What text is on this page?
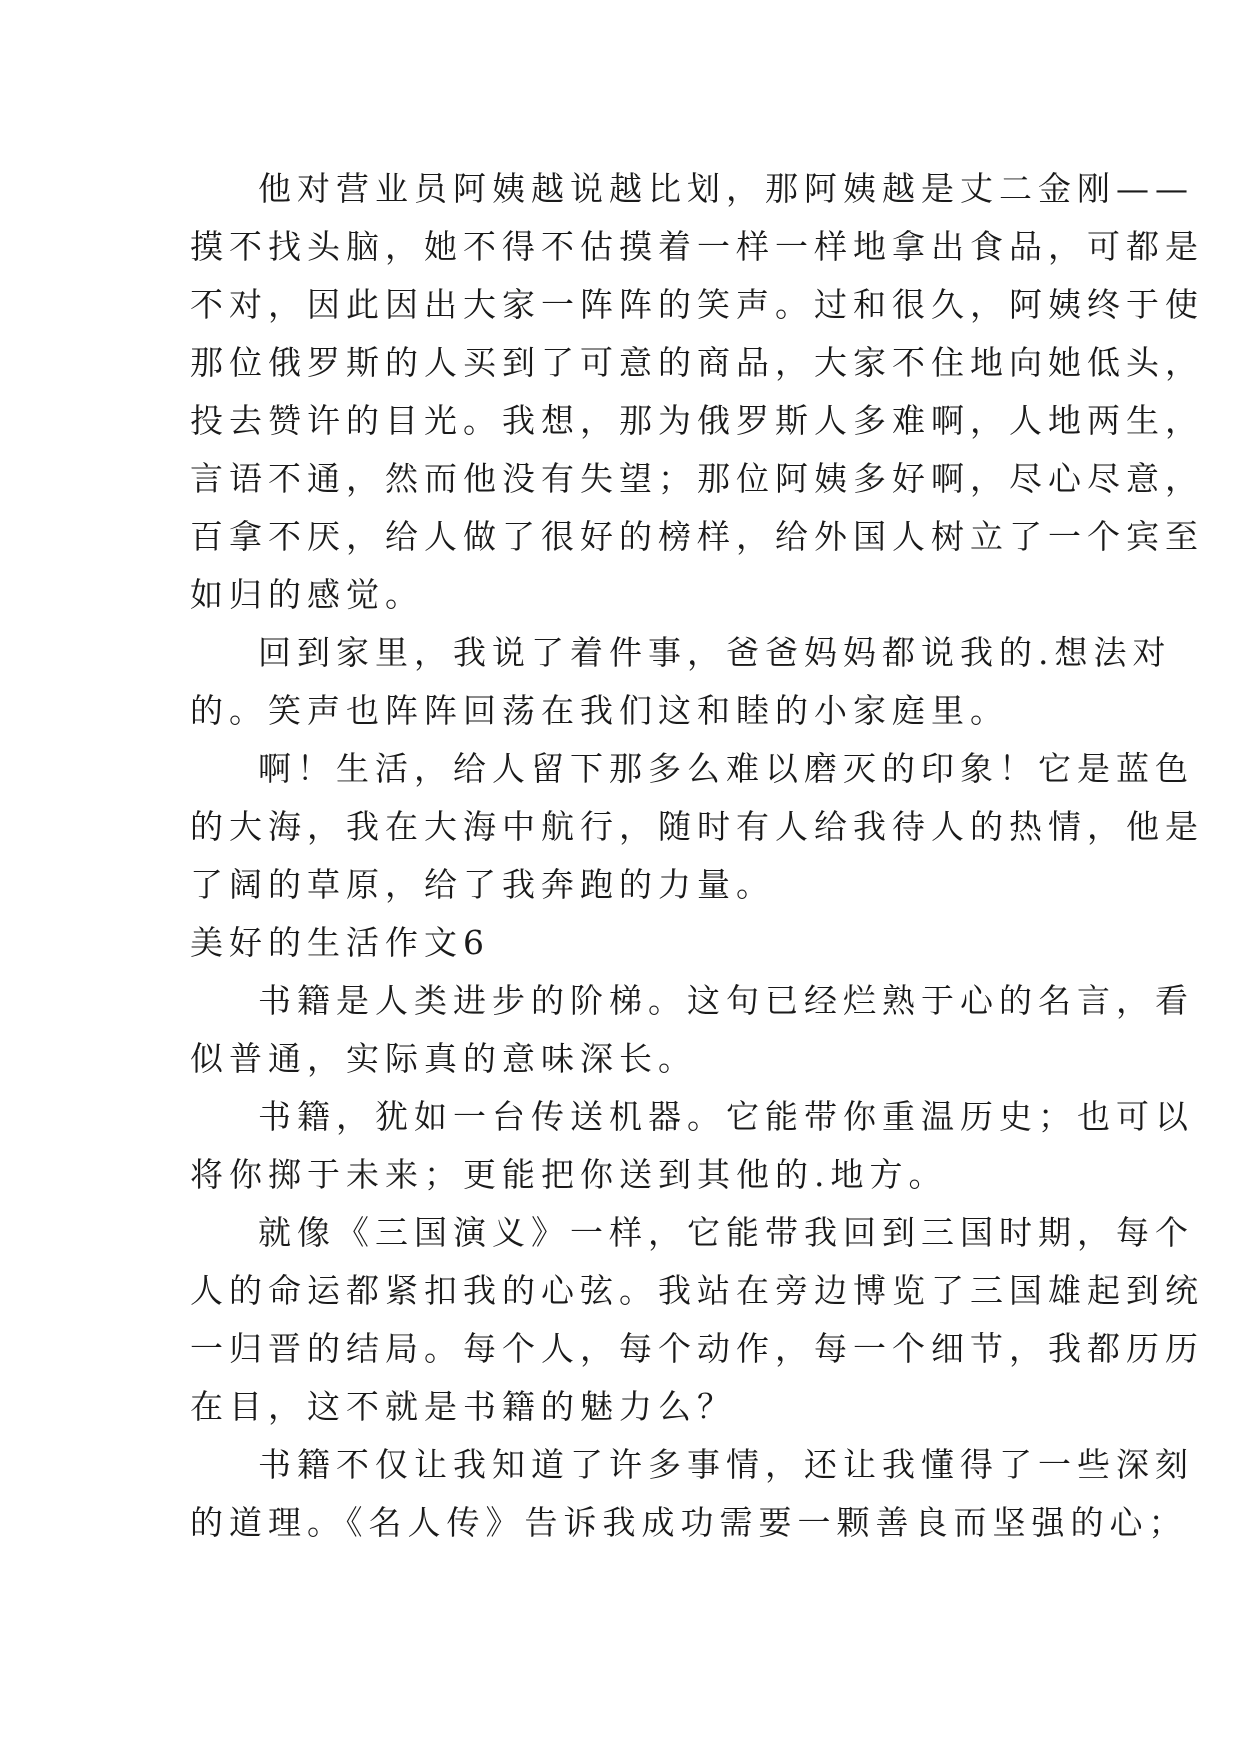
他对营业员阿姨越说越比划，那阿姨越是丈二金刚——
摸不找头脑，她不得不估摸着一样一样地拿出食品，可都是
不对，因此因出大家一阵阵的笑声。过和很久，阿姨终于使
那位俄罗斯的人买到了可意的商品，大家不住地向她低头，
投去赞许的目光。我想，那为俄罗斯人多难啊，人地两生，
言语不通，然而他没有失望；那位阿姨多好啊，尽心尽意，
百拿不厌，给人做了很好的榜样，给外国人树立了一个宾至
如归的感觉。
回到家里，我说了着件事，爸爸妈妈都说我的.想法对
的。笑声也阵阵回荡在我们这和睦的小家庭里。
啊！生活，给人留下那多么难以磨灭的印象！它是蓝色
的大海，我在大海中航行，随时有人给我待人的热情，他是
了阔的草原，给了我奔跑的力量。
美好的生活作文6
书籍是人类进步的阶梯。这句已经烂熟于心的名言，看
似普通，实际真的意味深长。
书籍，犹如一台传送机器。它能带你重温历史；也可以
将你掷于未来；更能把你送到其他的.地方。
就像《三国演义》一样，它能带我回到三国时期，每个
人的命运都紧扣我的心弦。我站在旁边博览了三国雄起到统
一归晋的结局。每个人，每个动作，每一个细节，我都历历
在目，这不就是书籍的魅力么？
书籍不仅让我知道了许多事情，还让我懂得了一些深刻
的道理。《名人传》告诉我成功需要一颗善良而坚强的心；
